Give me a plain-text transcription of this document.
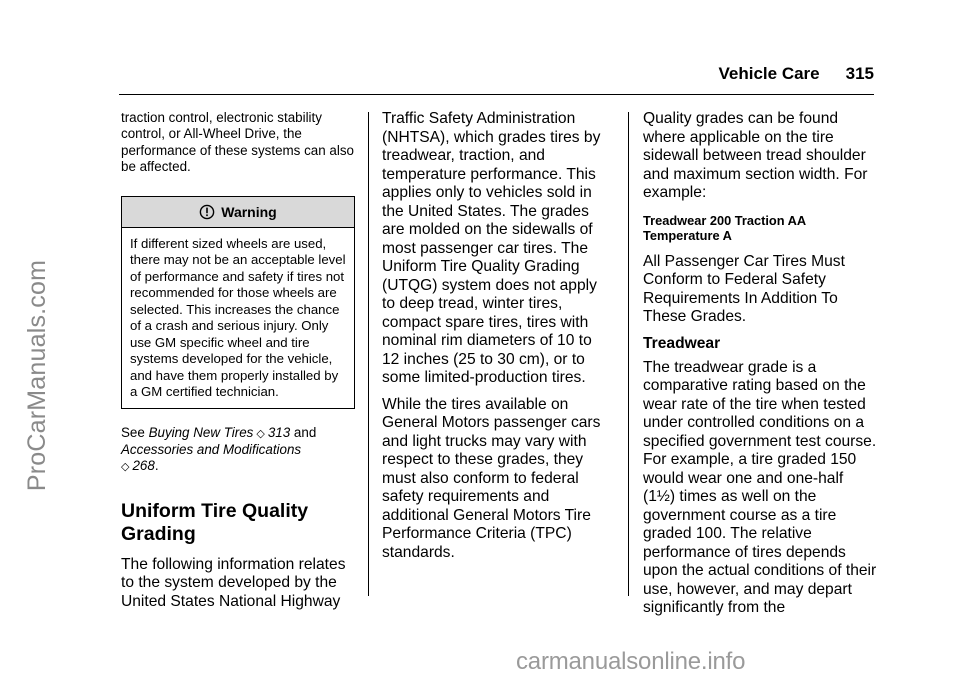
ProCarManuals.com
Vehicle Care 315

traction control, electronic stability control, or All-Wheel Drive, the performance of these systems can also be affected.

Warning
If different sized wheels are used, there may not be an acceptable level of performance and safety if tires not recommended for those wheels are selected. This increases the chance of a crash and serious injury. Only use GM specific wheel and tire systems developed for the vehicle, and have them properly installed by a GM certified technician.

See Buying New Tires ◇ 313 and Accessories and Modifications
◇ 268.

Uniform Tire Quality Grading

The following information relates to the system developed by the United States National Highway

Traffic Safety Administration (NHTSA), which grades tires by treadwear, traction, and temperature performance. This applies only to vehicles sold in the United States. The grades are molded on the sidewalls of most passenger car tires. The Uniform Tire Quality Grading (UTQG) system does not apply to deep tread, winter tires, compact spare tires, tires with nominal rim diameters of 10 to 12 inches (25 to 30 cm), or to some limited-production tires.

While the tires available on General Motors passenger cars and light trucks may vary with respect to these grades, they must also conform to federal safety requirements and additional General Motors Tire Performance Criteria (TPC) standards.

Quality grades can be found where applicable on the tire sidewall between tread shoulder and maximum section width. For example:

Treadwear 200 Traction AA Temperature A

All Passenger Car Tires Must Conform to Federal Safety Requirements In Addition To These Grades.

Treadwear

The treadwear grade is a comparative rating based on the wear rate of the tire when tested under controlled conditions on a specified government test course. For example, a tire graded 150 would wear one and one-half (1½) times as well on the government course as a tire graded 100. The relative performance of tires depends upon the actual conditions of their use, however, and may depart significantly from the

carmanualsonline.info
